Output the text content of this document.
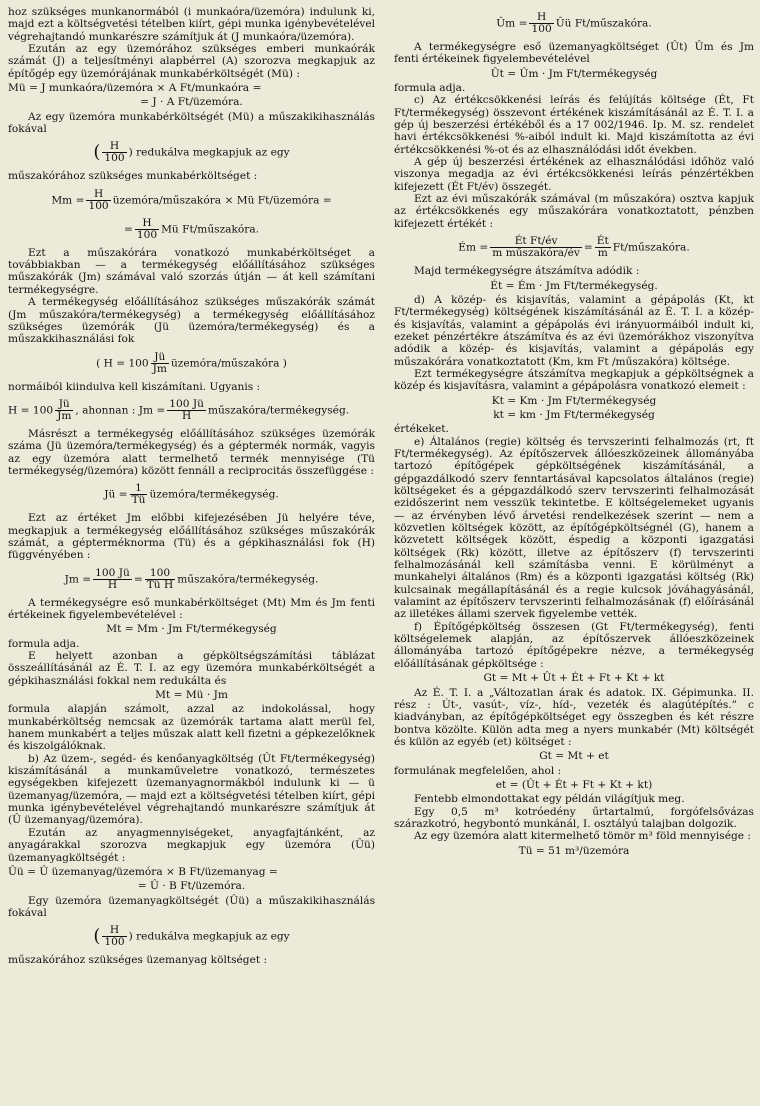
hoz szükséges munkanormából (i munkaóra/üzemóra) indulunk ki, majd ezt a költségvetési tételben kiírt, gépi munka igénybevételével végrehajtandó munkarészre számítjuk át (J munkaóra/üzemóra).

Ezután az egy üzemórához szükséges emberi munkaórák számát (J) a teljesítményi alapbérrel (A) szorozva megkapjuk az építőgép egy üzemórájának munkabérköltségét (Mü) :

Mü = J munkaóra/üzemóra × A Ft/munkaóra =
= J · A Ft/üzemóra.

Az egy üzemóra munkabérköltségét (Mü) a műszakikihasználás fokával

( $\frac{H}{100}$ ) redukálva megkapjuk az egy

műszakórához szükséges munkabérköltséget :

$Mm = \frac{H}{100}$ üzemóra/műszakóra × Mü Ft/üzemóra =
= $\frac{H}{100}$ Mü Ft/műszakóra.

Ezt a műszakórára vonatkozó munkabérköltséget a továbbiakban — a termékegység előállításához szükséges műszakórák (Jm) számával való szorzás útján — át kell számítani termékegységre.

A termékegység előállításához szükséges műszakórák számát (Jm műszakóra/termékegység) a termékegység előállításához szükséges üzemórák (Jü üzemóra/termékegység) és a műszakkihasználási fok

( $H = 100 \frac{Jü}{Jm}$ üzemóra/műszakóra )

normáiból kiindulva kell kiszámítani. Ugyanis :

$H = 100 \frac{Jü}{Jm}$ , ahonnan : $Jm = \frac{100 Jü}{H}$ műszakóra/termékegység.

Másrészt a termékegység előállításához szükséges üzemórák száma (Jü üzemóra/termékegység) és a géptermék normák, vagyis az egy üzemóra alatt termelhető termék mennyisége (Tü termékegység/üzemóra) között fennáll a reciprocitás összefüggése :

Jü = $\frac{1}{Tü}$ üzemóra/termékegység.

Ezt az értéket Jm előbbi kifejezésében Jü helyére téve, megkapjuk a termékegység előállításához szükséges műszakórák számát, a gépterméknorma (Tü) és a gépkihasználási fok (H) függvényében :

$Jm = \frac{100 Jü}{H} = \frac{100}{\text{Tü H}}$ műszakóra/termékegység.

A termékegységre eső munkabérköltséget (Mt) Mm és Jm fenti értékeinek figyelembevételével :

Mt = Mm · Jm Ft/termékegység

formula adja.

E helyett azonban a gépköltségszámítási táblázat összeállításánál az É. T. I. az egy üzemóra munkabérköltségét a gépkihasználási fokkal nem redukálta és

Mt = Mü · Jm

formula alapján számolt, azzal az indokolással, hogy munkabérköltség nemcsak az üzemórák tartama alatt merül fel, hanem munkabért a teljes műszak alatt kell fizetni a gépkezelőknek és kiszolgálóknak.

b) Az üzem-, segéd- és kenőanyagköltség (Ût Ft/termékegység) kiszámításánál a munkaműveletre vonatkozó, természetes egységekben kifejezett üzemanyagnormákból indulunk ki — ü üzemanyag/üzemóra, — majd ezt a költségvetési tételben kiírt, gépi munka igénybevételével végrehajtandó munkarészre számítjuk át (Û üzemanyag/üzemóra).

Ezután az anyagmennyiségeket, anyagfajtánként, az anyagárakkal szorozva megkapjuk egy üzemóra (Ûü) üzemanyagköltségét :

Ûü = Û üzemanyag/üzemóra × B Ft/üzemanyag =
= Û · B Ft/üzemóra.

Egy üzemóra üzemanyagköltségét (Ûü) a műszakikihasználás fokával

( $\frac{H}{100}$ ) redukálva megkapjuk az egy

műszakórához szükséges üzemanyag költséget :

Ûm = $\frac{H}{100}$ Ûü Ft/műszakóra.

A termékegységre eső üzemanyagköltséget (Ût) Ûm és Jm fenti értékeinek figyelembevételével

Ût = Ûm · Jm Ft/termékegység

formula adja.

c) Az értékcsökkenési leírás és felújítás költsége (Ét, Ft Ft/termékegység) összevont értékének kiszámításánál az É. T. I. a gép új beszerzési értékéből és a 17 002/1946. Ip. M. sz. rendelet havi értékcsökkenési %-aiból indult ki. Majd kiszámította az évi értékcsökkenési %-ot és az elhasználódási időt években.

A gép új beszerzési értékének az elhasználódási időhöz való viszonya megadja az évi értékcsökkenési leírás pénzértékben kifejezett (Ét Ft/év) összegét.

Ezt az évi műszakórák számával (m műszakóra) osztva kapjuk az értékcsökkenés egy műszakórára vonatkoztatott, pénzben kifejezett értékét :

Ém = $\frac{\text{Ét Ft/év}}{\text{m műszakóra/év}} = \frac{Ét}{m}$ Ft/műszakóra.

Majd termékegységre átszámítva adódik :

Ét = Ém · Jm Ft/termékegység.

d) A közép- és kisjavítás, valamint a gépápolás (Kt, kt Ft/termékegység) költségének kiszámításánál az É. T. I. a közép- és kisjavítás, valamint a gépápolás évi irányuormáiból indult ki, ezeket pénzértékre átszámítva és az évi üzemórákhoz viszonyítva adódik a közép- és kisjavítás, valamint a gépápolás egy műszakórára vonatkoztatott (Km, km Ft /műszakóra) költsége.

Ezt termékegységre átszámítva megkapjuk a gépköltségnek a közép és kisjavításra, valamint a gépápolásra vonatkozó elemeit :

Kt = Km · Jm Ft/termékegység
kt = km · Jm Ft/termékegység

értékeket.

e) Általános (regie) költség és tervszerinti felhalmozás (rt, ft Ft/termékegység). Az építőszervek állóeszközeinek állományába tartozó építőgépek gépköltségének kiszámításánál, a gépgazdálkodó szerv fenntartásával kapcsolatos általános (regie) költségeket és a gépgazdálkodó szerv tervszerinti felhalmozását ezidőszerint nem vesszük tekintetbe. E költségelemeket ugyanis — az érvényben lévő árvetési rendelkezések szerint — nem a közvetlen költségek között, az építőgépköltségnél (G), hanem a közvetett költségek között, éspedig a központi igazgatási költségek (Rk) között, illetve az építőszerv (f) tervszerinti felhalmozásánál kell számításba venni. E körülményt a munkahelyi általános (Rm) és a központi igazgatási költség (Rk) kulcsainak megállapításánál és a regie kulcsok jóváhagyásánál, valamint az építőszerv tervszerinti felhalmozásának (f) előírásánál az illetékes állami szervek figyelembe vették.

f) Építőgépköltség összesen (Gt Ft/termékegység), fenti költségelemek alapján, az építőszervek állóeszközeinek állományába tartozó építőgépekre nézve, a termékegység előállításának gépköltsége :

Gt = Mt + Ût + Ét + Ft + Kt + kt

Az É. T. I. a „Változatlan árak és adatok. IX. Gépimunka. II. rész : Út-, vasút-, víz-, híd-, vezeték és alagútépítés.” c kiadványban, az építőgépköltséget egy összegben és két részre bontva közölte. Külön adta meg a nyers munkabér (Mt) költségét és külön az egyéb (et) költséget :

Gt = Mt + et

formulának megfelelően, ahol :

et = (Ût + Ét + Ft + Kt + kt)

Fentebb elmondottakat egy példán világítjuk meg.

Egy 0,5 m³ kotróedény űrtartalmú, forgófelsővázas szárazkotró, hegybontó munkánál, I. osztályú talajban dolgozik.

Az egy üzemóra alatt kitermelhető tömör m³ föld mennyisége :

Tü = 51 m³/üzemóra
